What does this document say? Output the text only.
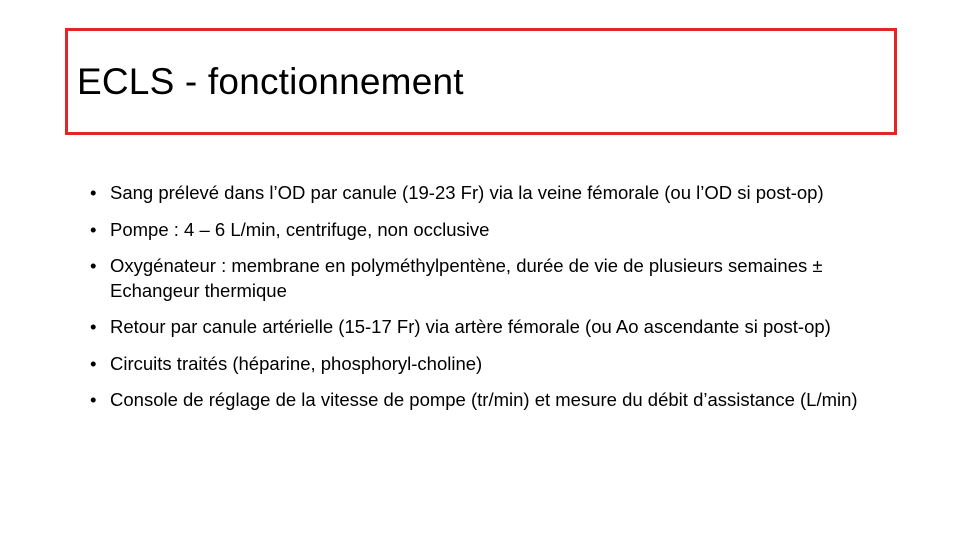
ECLS - fonctionnement
• Sang prélevé dans l’OD par canule (19-23 Fr) via la veine fémorale (ou l’OD si post-op)
• Pompe : 4 – 6 L/min, centrifuge, non occlusive
• Oxygénateur : membrane en polyméthylpentène, durée de vie de plusieurs semaines ± Echangeur thermique
• Retour par canule artérielle (15-17 Fr) via artère fémorale (ou Ao ascendante si post-op)
• Circuits traités (héparine, phosphoryl-choline)
• Console de réglage de la vitesse de pompe (tr/min) et mesure du débit d’assistance (L/min)
